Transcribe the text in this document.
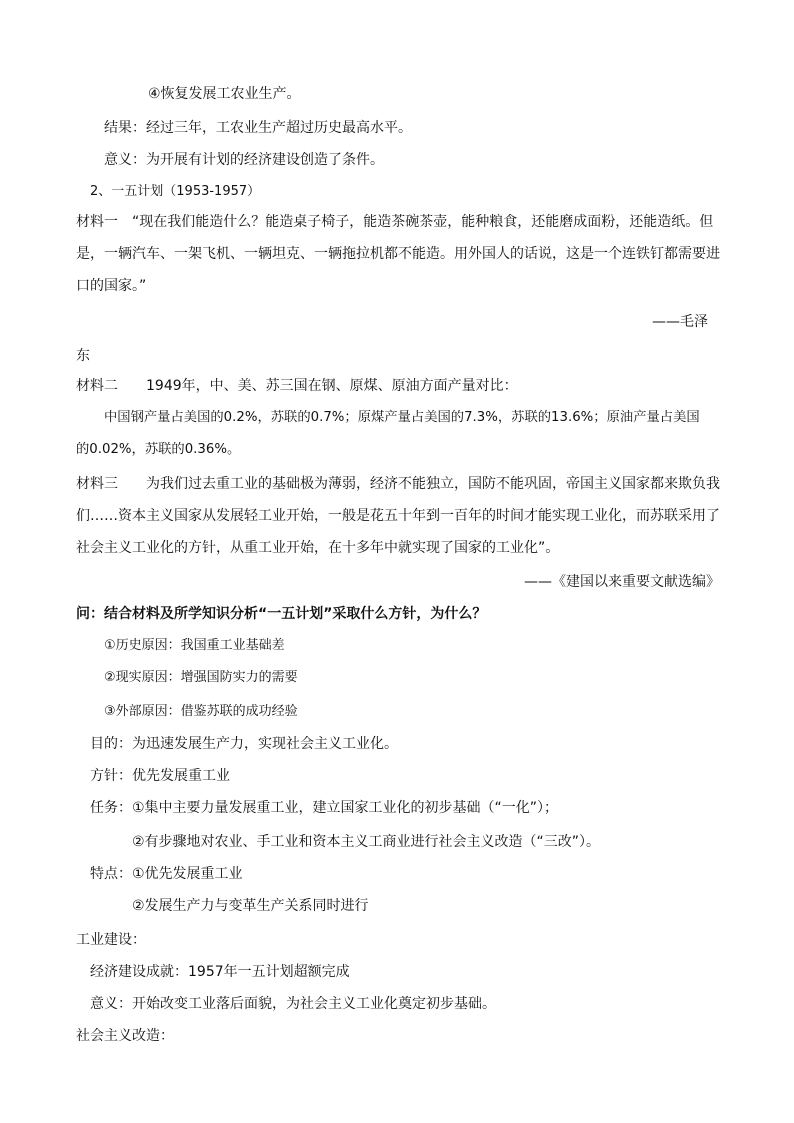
④恢复发展工农业生产。
结果：经过三年，工农业生产超过历史最高水平。
意义：为开展有计划的经济建设创造了条件。
2、一五计划（1953-1957）
材料一　“现在我们能造什么？能造桌子椅子，能造茶碗茶壶，能种粮食，还能磨成面粉，还能造纸。但
是，一辆汽车、一架飞机、一辆坦克、一辆拖拉机都不能造。用外国人的话说，这是一个连铁钉都需要进
口的国家。”
——毛泽
东
材料二　　1949年，中、美、苏三国在钢、原煤、原油方面产量对比：
中国钢产量占美国的0.2%，苏联的0.7%；原煤产量占美国的7.3%，苏联的13.6%；原油产量占美国
的0.02%，苏联的0.36%。
材料三　　为我们过去重工业的基础极为薄弱，经济不能独立，国防不能巩固，帝国主义国家都来欺负我
们……资本主义国家从发展轻工业开始，一般是花五十年到一百年的时间才能实现工业化，而苏联采用了
社会主义工业化的方针，从重工业开始，在十多年中就实现了国家的工业化”。
——《建国以来重要文献选编》
问：结合材料及所学知识分析“一五计划”采取什么方针，为什么？
①历史原因：我国重工业基础差
②现实原因：增强国防实力的需要
③外部原因：借鉴苏联的成功经验
目的：为迅速发展生产力，实现社会主义工业化。
方针：优先发展重工业
任务：①集中主要力量发展重工业，建立国家工业化的初步基础（“一化”）；
②有步骤地对农业、手工业和资本主义工商业进行社会主义改造（“三改”）。
特点：①优先发展重工业
②发展生产力与变革生产关系同时进行
工业建设：
经济建设成就：1957年一五计划超额完成
意义：开始改变工业落后面貌，为社会主义工业化奠定初步基础。
社会主义改造：
